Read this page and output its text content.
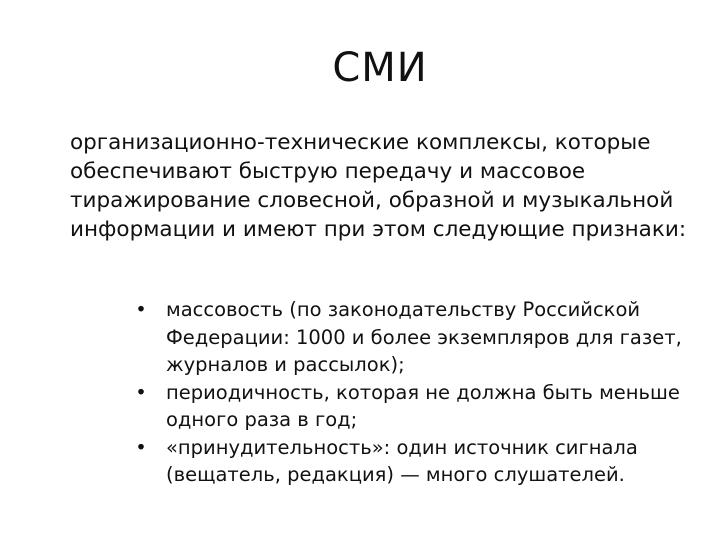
СМИ

организационно-технические комплексы, которые обеспечивают быструю передачу и массовое тиражирование словесной, образной и музыкальной информации и имеют при этом следующие признаки:

• массовость (по законодательству Российской Федерации: 1000 и более экземпляров для газет, журналов и рассылок);
• периодичность, которая не должна быть меньше одного раза в год;
• «принудительность»: один источник сигнала (вещатель, редакция) — много слушателей.
